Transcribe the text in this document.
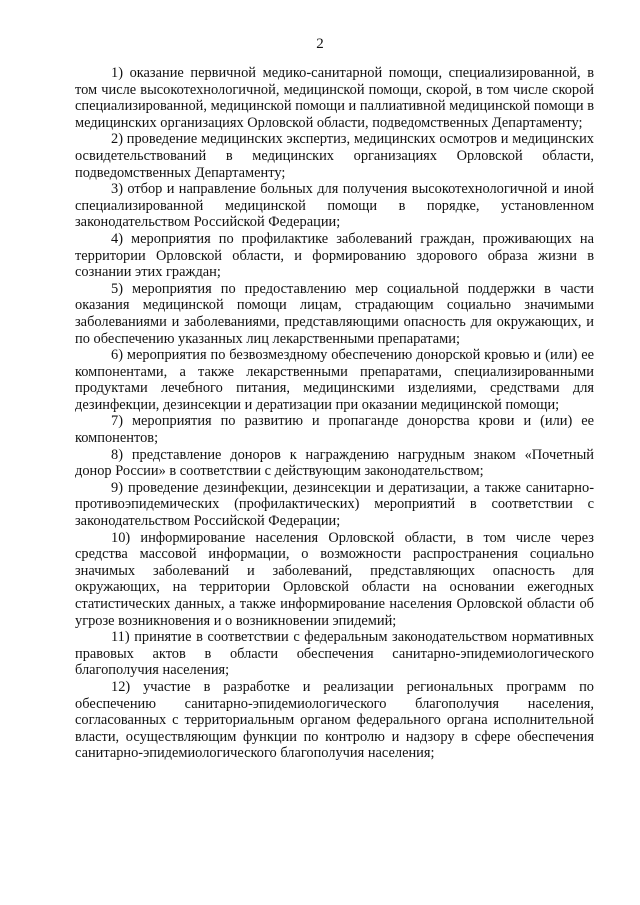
2

1) оказание первичной медико-санитарной помощи, специализированной, в том числе высокотехнологичной, медицинской помощи, скорой, в том числе скорой специализированной, медицинской помощи и паллиативной медицинской помощи в медицинских организациях Орловской области, подведомственных Департаменту;

2) проведение медицинских экспертиз, медицинских осмотров и медицинских освидетельствований в медицинских организациях Орловской области, подведомственных Департаменту;

3) отбор и направление больных для получения высокотехнологичной и иной специализированной медицинской помощи в порядке, установленном законодательством Российской Федерации;

4) мероприятия по профилактике заболеваний граждан, проживающих на территории Орловской области, и формированию здорового образа жизни в сознании этих граждан;

5) мероприятия по предоставлению мер социальной поддержки в части оказания медицинской помощи лицам, страдающим социально значимыми заболеваниями и заболеваниями, представляющими опасность для окружающих, и по обеспечению указанных лиц лекарственными препаратами;

6) мероприятия по безвозмездному обеспечению донорской кровью и (или) ее компонентами, а также лекарственными препаратами, специализированными продуктами лечебного питания, медицинскими изделиями, средствами для дезинфекции, дезинсекции и дератизации при оказании медицинской помощи;

7) мероприятия по развитию и пропаганде донорства крови и (или) ее компонентов;

8) представление доноров к награждению нагрудным знаком «Почетный донор России» в соответствии с действующим законодательством;

9) проведение дезинфекции, дезинсекции и дератизации, а также санитарно-противоэпидемических (профилактических) мероприятий в соответствии с законодательством Российской Федерации;

10) информирование населения Орловской области, в том числе через средства массовой информации, о возможности распространения социально значимых заболеваний и заболеваний, представляющих опасность для окружающих, на территории Орловской области на основании ежегодных статистических данных, а также информирование населения Орловской области об угрозе возникновения и о возникновении эпидемий;

11) принятие в соответствии с федеральным законодательством нормативных правовых актов в области обеспечения санитарно-эпидемиологического благополучия населения;

12) участие в разработке и реализации региональных программ по обеспечению санитарно-эпидемиологического благополучия населения, согласованных с территориальным органом федерального органа исполнительной власти, осуществляющим функции по контролю и надзору в сфере обеспечения санитарно-эпидемиологического благополучия населения;
